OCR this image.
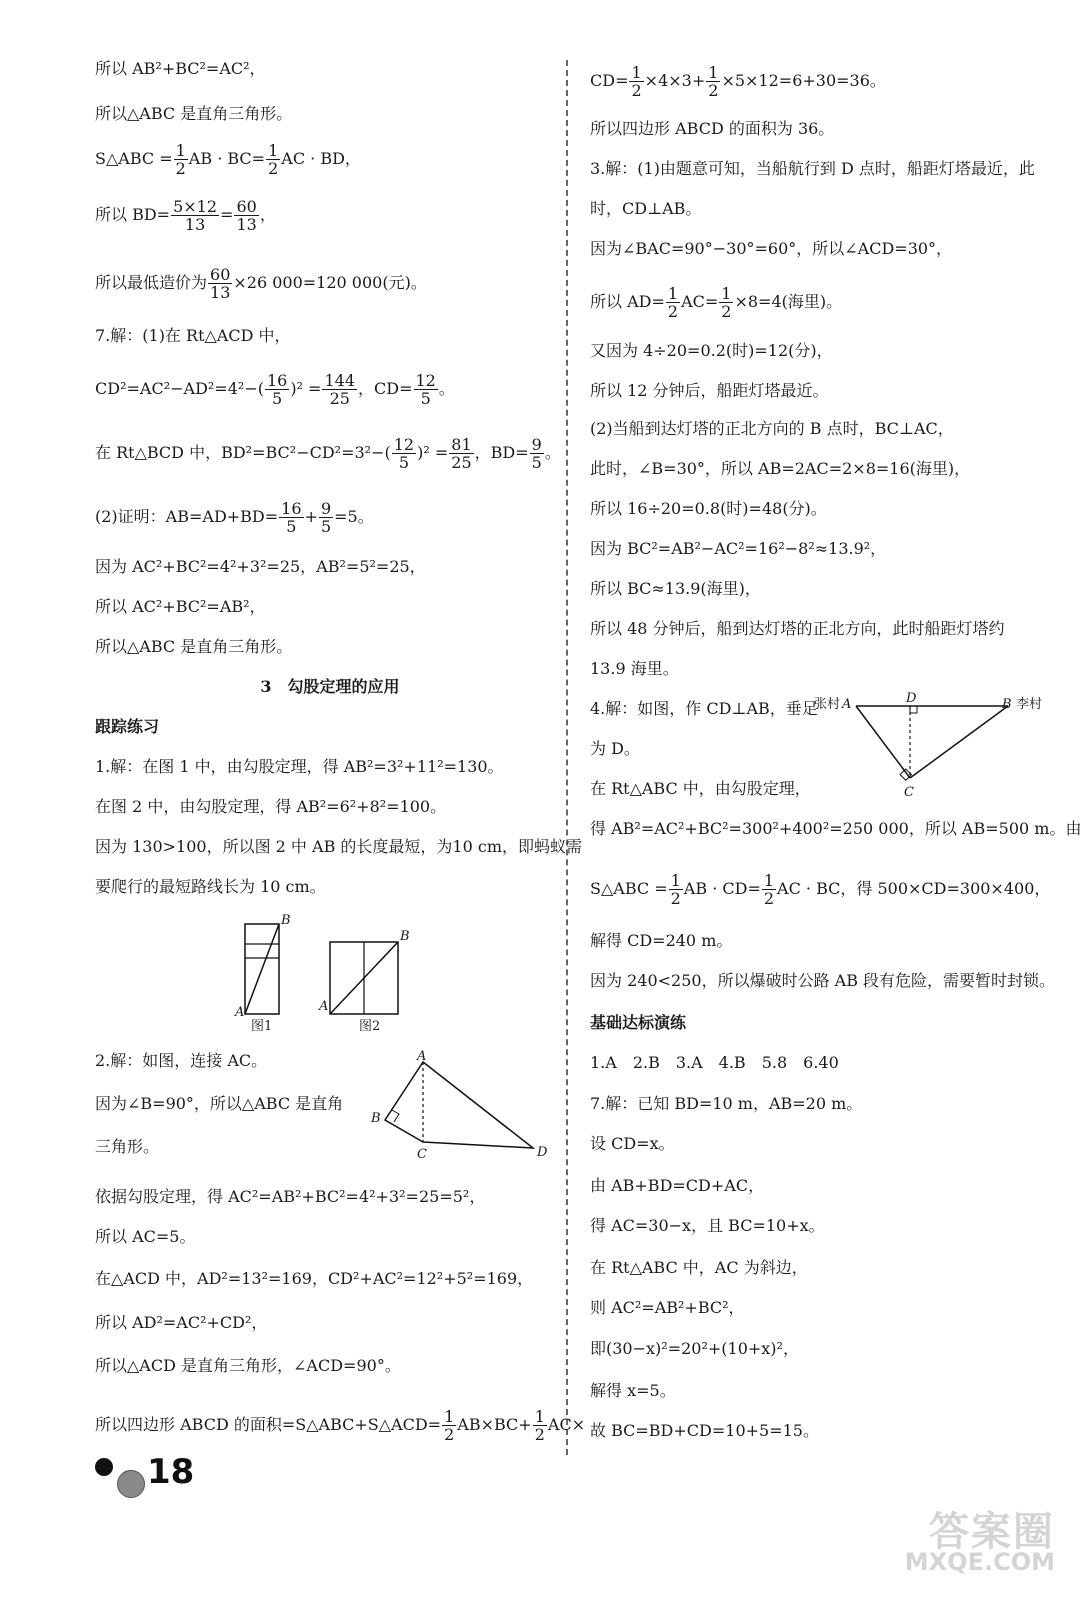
所以 AB²+BC²=AC²，
所以△ABC 是直角三角形。
S△ABC = $\frac{1}{2}$ AB · $BC= \frac{1}{2}$ AC · BD，
所以 $BD= \frac{5\times 12}{13} = \frac{60}{13}$ ，
所以最低造价为 $\frac{60}{13} \times 26$ 000=120 000(元)。
7.解：(1)在 Rt△ACD 中，
$CD^2=AC^2-AD^2=4^2-( \frac{16}{5} )^2 = \frac{144}{25}$ ，$CD= \frac{12}{5}$ 。
在 Rt△BCD 中，$BD^2=BC^2-CD^2=3^2-( \frac{12}{5} )^2 = \frac{81}{25}$ ，$BD= \frac{9}{5}$ 。
(2)证明：$AB=AD+BD= \frac{16}{5} + \frac{9}{5} =5$。
因为 AC²+BC²=4²+3²=25，AB²=5²=25，
所以 AC²+BC²=AB²，
所以△ABC 是直角三角形。
3　勾股定理的应用
跟踪练习
1.解：在图 1 中，由勾股定理，得 AB²=3²+11²=130。
在图 2 中，由勾股定理，得 AB²=6²+8²=100。
因为 130>100，所以图 2 中 AB 的长度最短，为10 cm，即蚂蚁需
要爬行的最短路线长为 10 cm。
B
A
图1
B
A
图2
2.解：如图，连接 AC。
因为∠B=90°，所以△ABC 是直角
三角形。
A
B
C	D
依据勾股定理，得 AC²=AB²+BC²=4²+3²=25=5²，
所以 AC=5。
在△ACD 中，AD²=13²=169，CD²+AC²=12²+5²=169，
所以 AD²=AC²+CD²，
所以△ACD 是直角三角形，∠ACD=90°。
所以四边形 ABCD 的面积=S△ABC+S△ACD= $\frac{1}{2} AB\times BC+ \frac{1}{2} AC\times$
$CD= \frac{1}{2} \times 4\times 3+ \frac{1}{2} \times 5\times 12=6+30=36$。
所以四边形 ABCD 的面积为 36。
3.解：(1)由题意可知，当船航行到 D 点时，船距灯塔最近，此
时，CD⊥AB。
因为∠BAC=90°−30°=60°，所以∠ACD=30°，
所以 $AD= \frac{1}{2} AC= \frac{1}{2} \times 8=4$(海里)。
又因为 4÷20=0.2(时)=12(分)，
所以 12 分钟后，船距灯塔最近。
(2)当船到达灯塔的正北方向的 B 点时，BC⊥AC，
此时，∠B=30°，所以 AB=2AC=2×8=16(海里)，
所以 16÷20=0.8(时)=48(分)。
因为 BC²=AB²−AC²=16²−8²≈13.9²，
所以 BC≈13.9(海里)，
所以 48 分钟后，船到达灯塔的正北方向，此时船距灯塔约
13.9 海里。
4.解：如图，作 CD⊥AB，垂足
为 D。
张村 A	D	B 李村
C
在 Rt△ABC 中，由勾股定理，
得 AB²=AC²+BC²=300²+400²=250 000，所以 AB=500 m。由
S△ABC = $\frac{1}{2}$ AB · $CD= \frac{1}{2}$ AC · BC，得 500×CD=300×400，
解得 CD=240 m。
因为 240<250，所以爆破时公路 AB 段有危险，需要暂时封锁。
基础达标演练
1.A　2.B　3.A　4.B　5.8　6.40
7.解：已知 BD=10 m，AB=20 m。
设 CD=x。
由 AB+BD=CD+AC，
得 AC=30−x，且 BC=10+x。
在 Rt△ABC 中，AC 为斜边，
则 AC²=AB²+BC²，
即(30−x)²=20²+(10+x)²，
解得 x=5。
故 BC=BD+CD=10+5=15。
18
答案圈
MXQE.COM
